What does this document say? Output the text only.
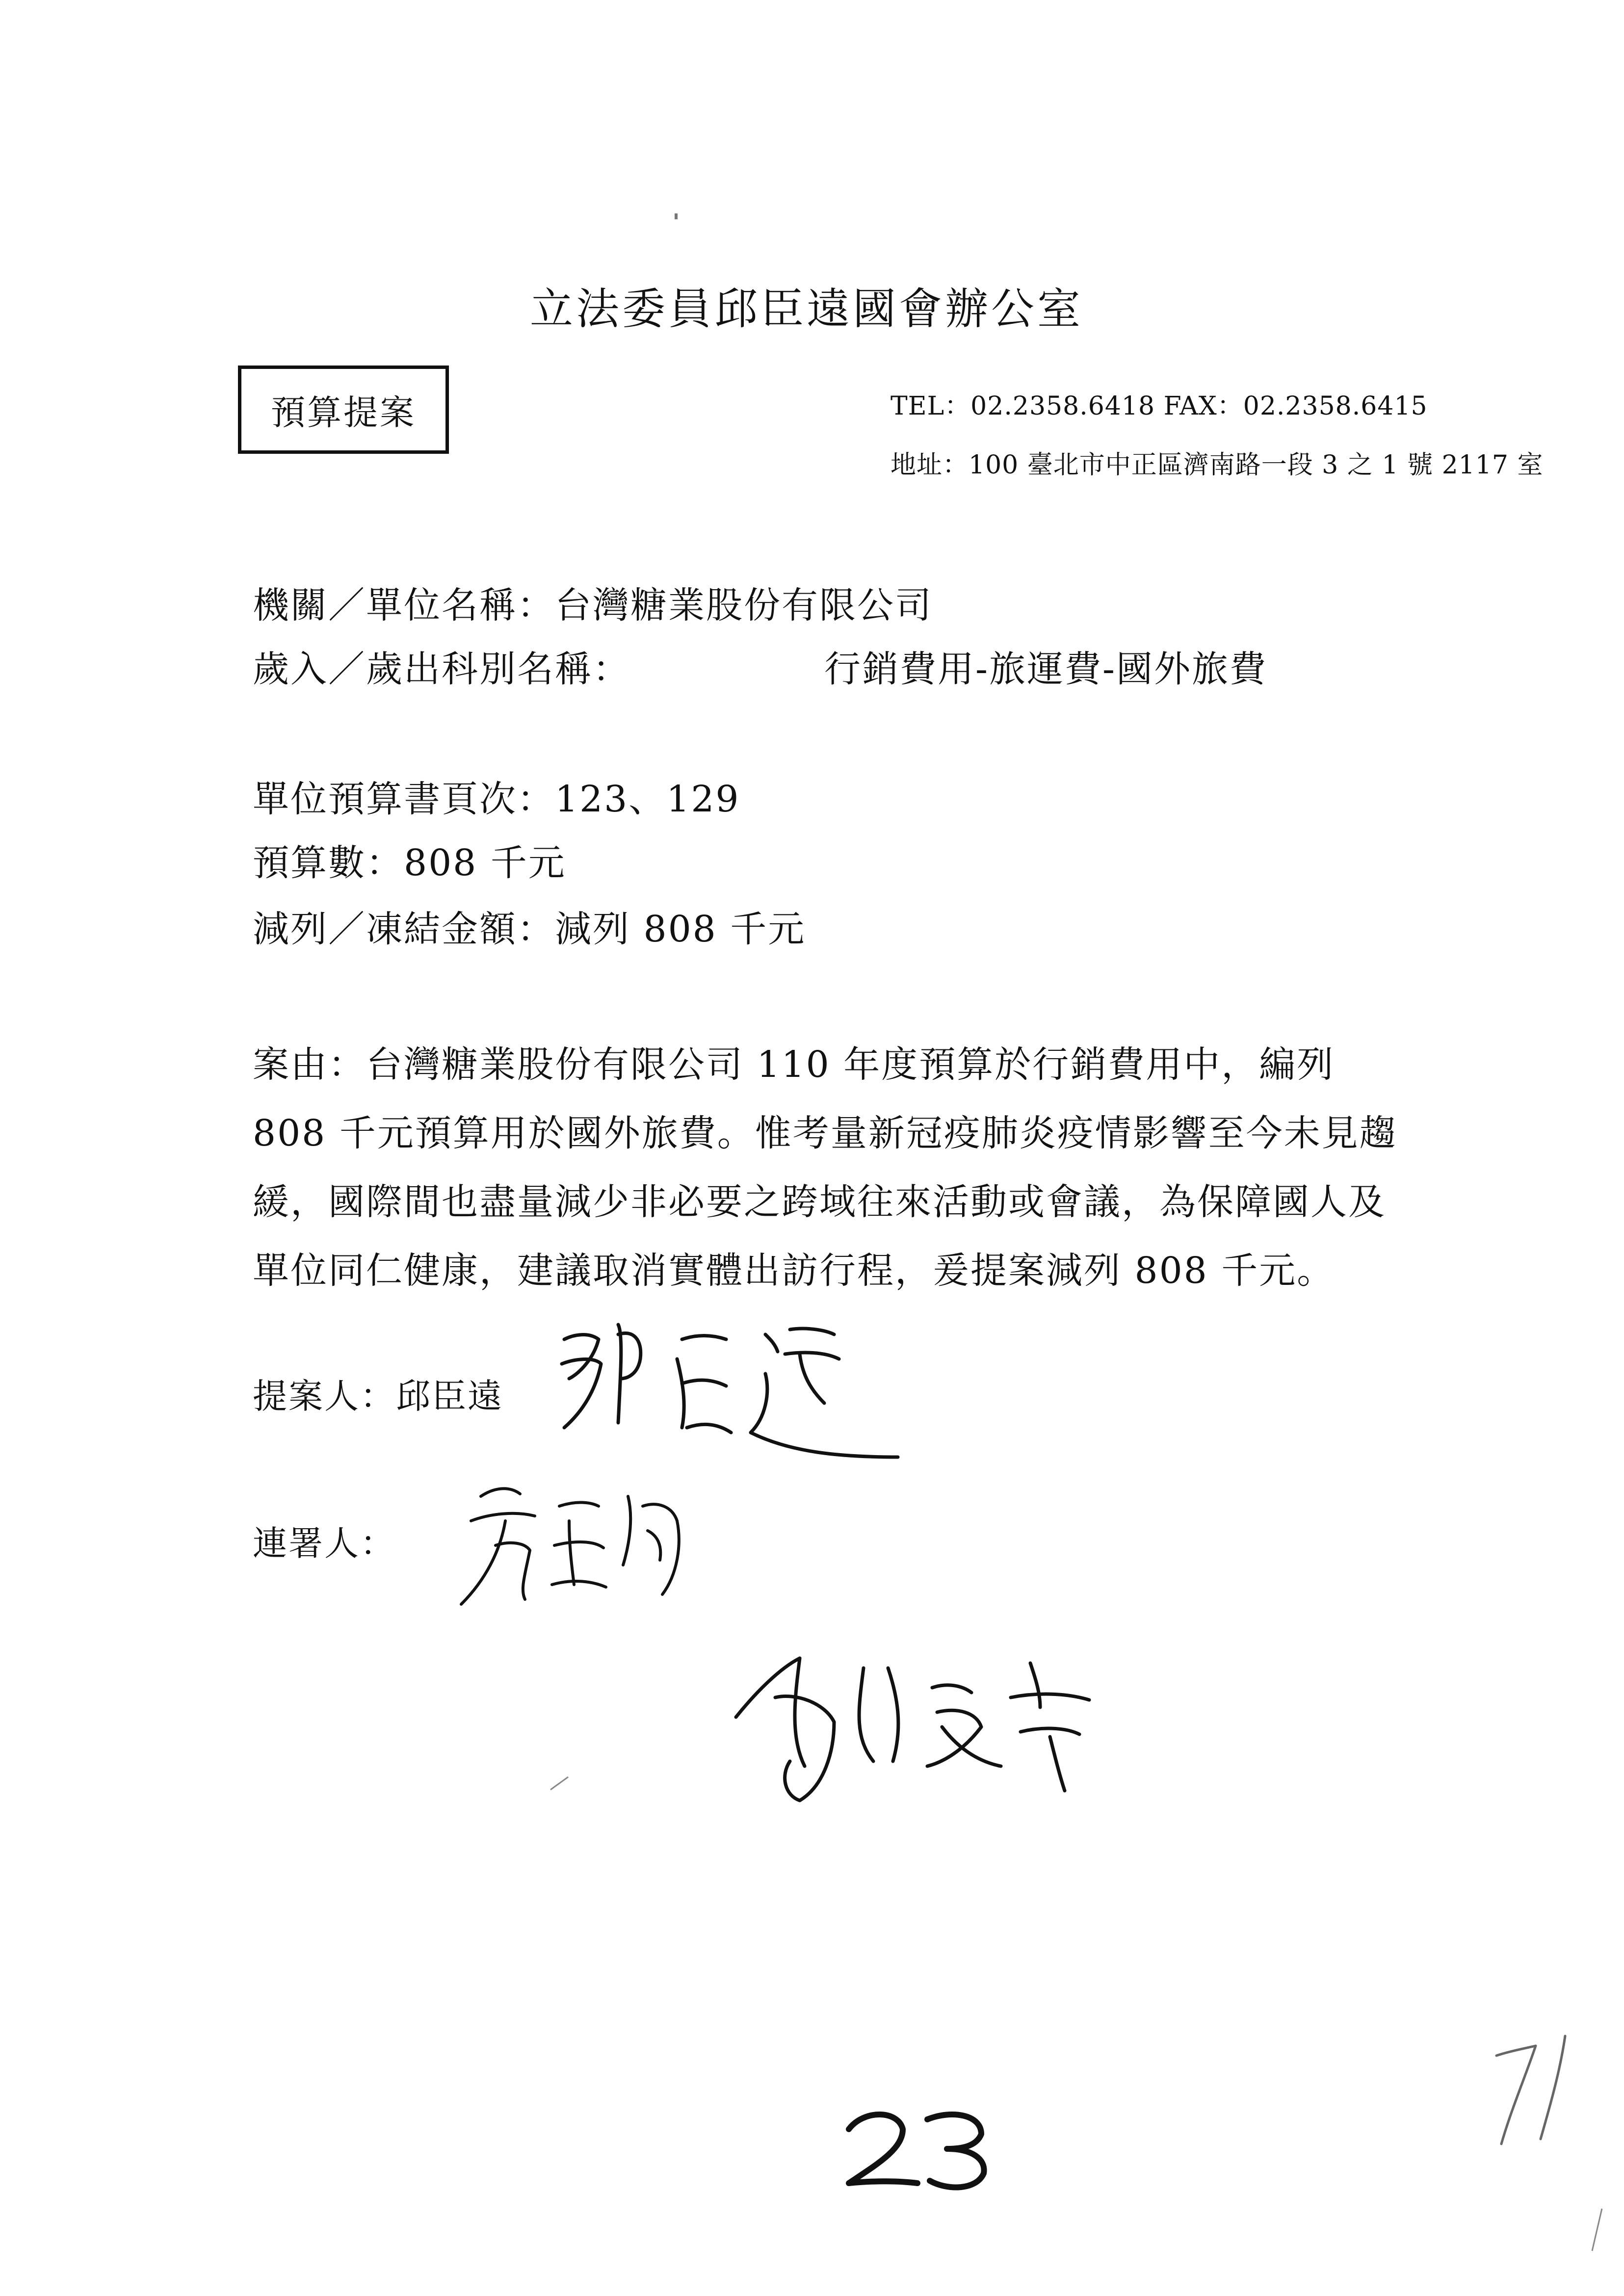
立法委員邱臣遠國會辦公室
預算提案	TEL：02.2358.6418 FAX：02.2358.6415
地址：100 臺北市中正區濟南路一段 3 之 1 號 2117 室
機關／單位名稱：台灣糖業股份有限公司
歲入／歲出科別名稱：	行銷費用-旅運費-國外旅費
單位預算書頁次：123、129
預算數：808 千元
減列／凍結金額：減列 808 千元
案由：台灣糖業股份有限公司 110 年度預算於行銷費用中，編列 808 千元預算用於國外旅費。惟考量新冠疫肺炎疫情影響至今未見趨緩，國際間也盡量減少非必要之跨域往來活動或會議，為保障國人及單位同仁健康，建議取消實體出訪行程，爰提案減列 808 千元。
提案人：邱臣遠
連署人：
